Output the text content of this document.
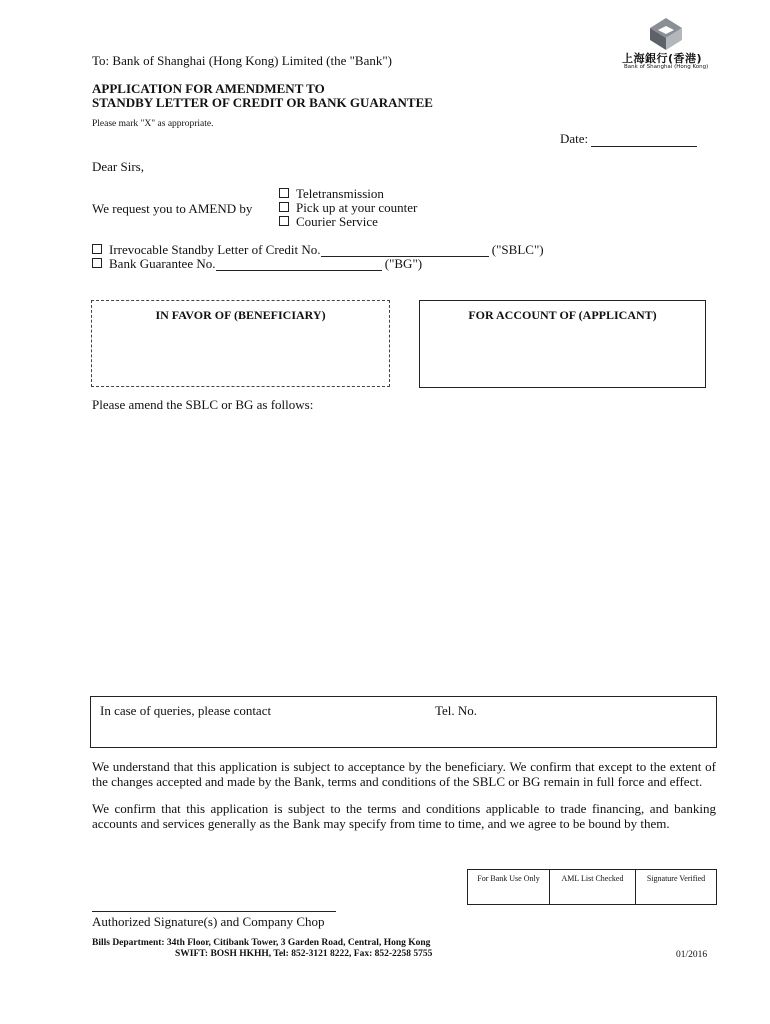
To: Bank of Shanghai (Hong Kong) Limited (the "Bank")	上海銀行(香港)
Bank of Shanghai (Hong Kong)
APPLICATION FOR AMENDMENT TO
STANDBY LETTER OF CREDIT OR BANK GUARANTEE
Please mark "X" as appropriate.
Date:
Dear Sirs,
We request you to AMEND by
Teletransmission
Pick up at your counter
Courier Service
Irrevocable Standby Letter of Credit No.	("SBLC")
Bank Guarantee No.	("BG")
IN FAVOR OF (BENEFICIARY)	FOR ACCOUNT OF (APPLICANT)
Please amend the SBLC or BG as follows:
In case of queries, please contact	Tel. No.
We understand that this application is subject to acceptance by the beneficiary. We confirm that except to the extent of the changes accepted and made by the Bank, terms and conditions of the SBLC or BG remain in full force and effect.
We confirm that this application is subject to the terms and conditions applicable to trade financing, and banking accounts and services generally as the Bank may specify from time to time, and we agree to be bound by them.
For Bank Use Only	AML List Checked	Signature Verified
Authorized Signature(s) and Company Chop
Bills Department: 34th Floor, Citibank Tower, 3 Garden Road, Central, Hong Kong
SWIFT: BOSH HKHH, Tel: 852-3121 8222, Fax: 852-2258 5755	01/2016
